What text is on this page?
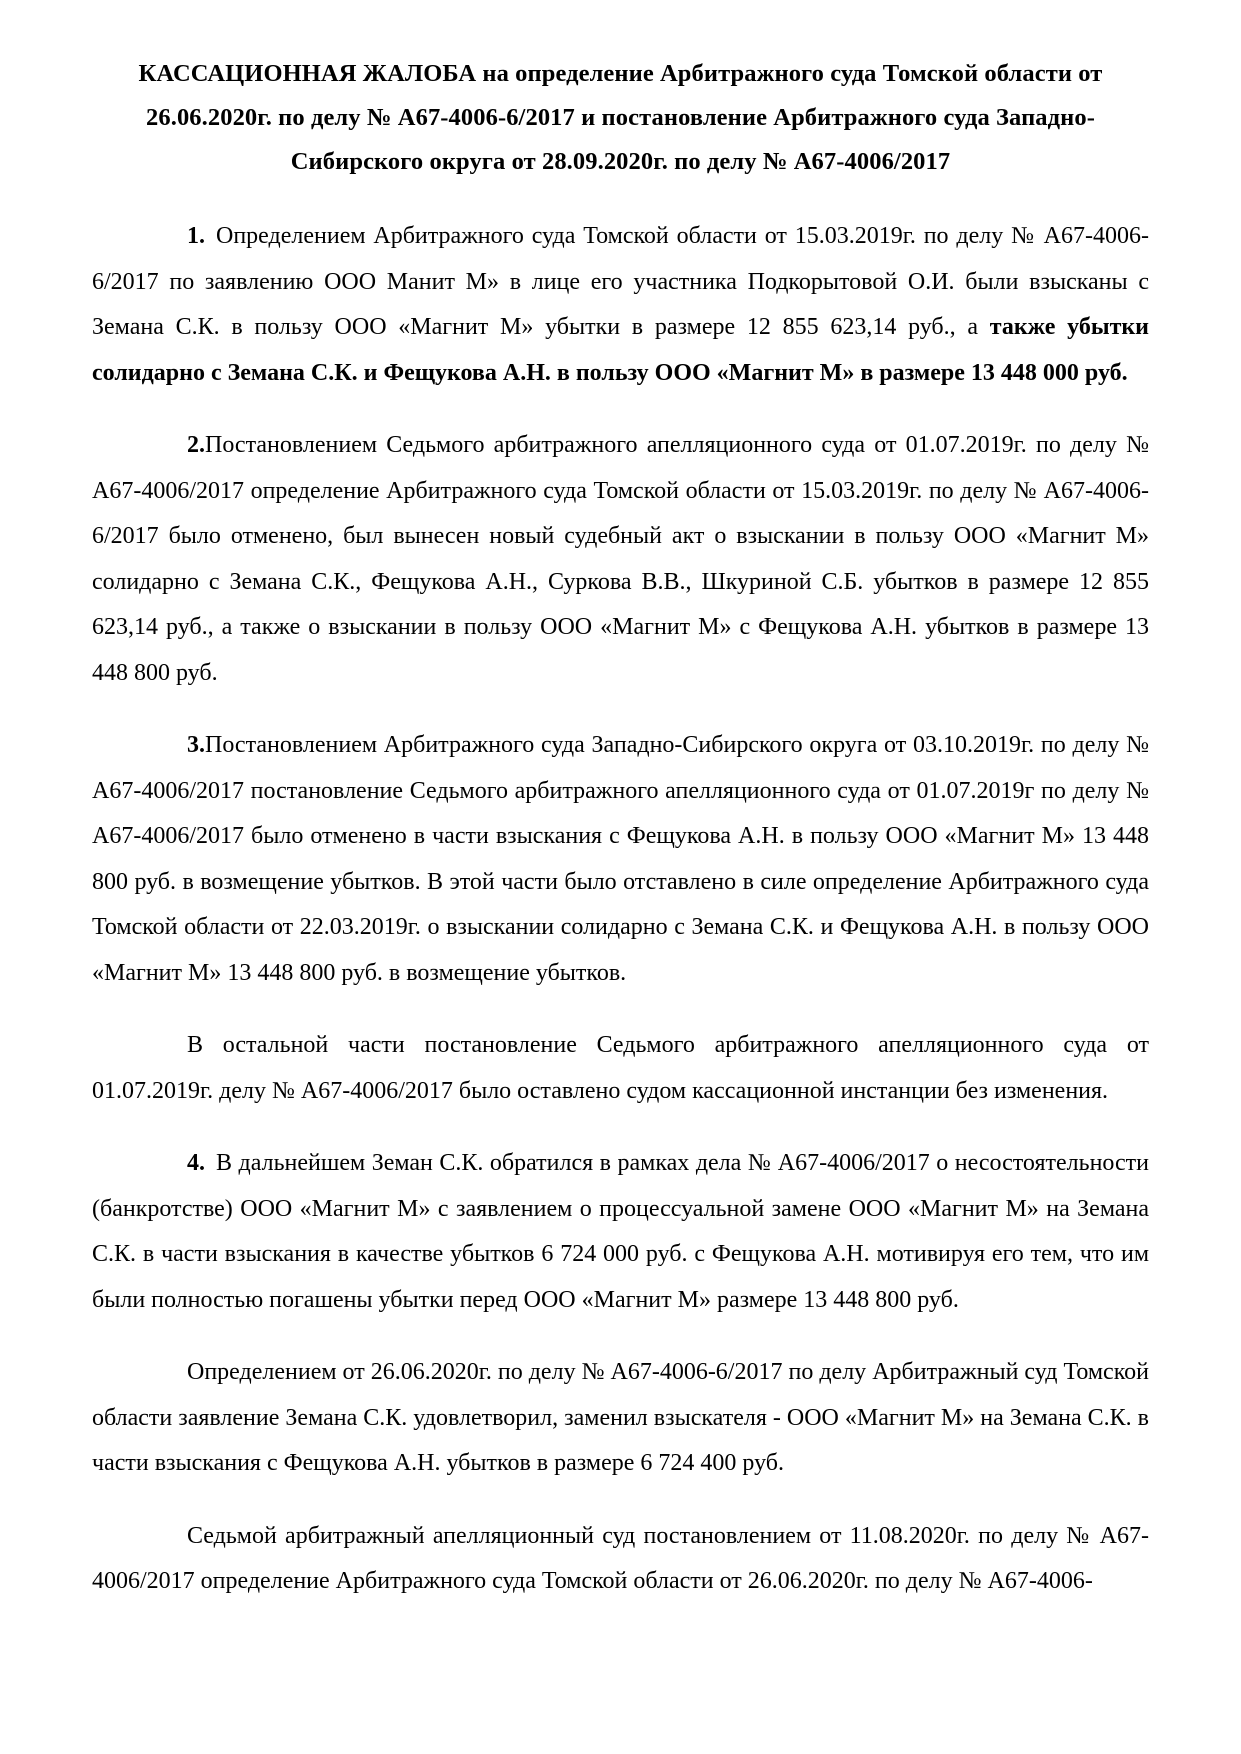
КАССАЦИОННАЯ ЖАЛОБА на определение Арбитражного суда Томской области от 26.06.2020г. по делу № А67-4006-6/2017 и постановление Арбитражного суда Западно- Сибирского округа от 28.09.2020г. по делу № А67-4006/2017

1. Определением Арбитражного суда Томской области от 15.03.2019г. по делу № А67-4006-6/2017 по заявлению ООО Манит М» в лице его участника Подкорытовой О.И. были взысканы с Земана С.К. в пользу ООО «Магнит М» убытки в размере 12 855 623,14 руб., а также убытки солидарно с Земана С.К. и Фещукова А.Н. в пользу ООО «Магнит М» в размере 13 448 000 руб.

2.Постановлением Седьмого арбитражного апелляционного суда от 01.07.2019г. по делу № А67-4006/2017 определение Арбитражного суда Томской области от 15.03.2019г. по делу № А67-4006-6/2017 было отменено, был вынесен новый судебный акт о взыскании в пользу ООО «Магнит М» солидарно с Земана С.К., Фещукова А.Н., Суркова В.В., Шкуриной С.Б. убытков в размере 12 855 623,14 руб., а также о взыскании в пользу ООО «Магнит М» с Фещукова А.Н. убытков в размере 13 448 800 руб.

3.Постановлением Арбитражного суда Западно-Сибирского округа от 03.10.2019г. по делу № А67-4006/2017 постановление Седьмого арбитражного апелляционного суда от 01.07.2019г по делу № А67-4006/2017 было отменено в части взыскания с Фещукова А.Н. в пользу ООО «Магнит М» 13 448 800 руб. в возмещение убытков. В этой части было отставлено в силе определение Арбитражного суда Томской области от 22.03.2019г. о взыскании солидарно с Земана С.К. и Фещукова А.Н. в пользу ООО «Магнит М» 13 448 800 руб. в возмещение убытков.

В остальной части постановление Седьмого арбитражного апелляционного суда от 01.07.2019г. делу № А67-4006/2017 было оставлено судом кассационной инстанции без изменения.

4. В дальнейшем Земан С.К. обратился в рамках дела № А67-4006/2017 о несостоятельности (банкротстве) ООО «Магнит М» с заявлением о процессуальной замене ООО «Магнит М» на Земана С.К. в части взыскания в качестве убытков 6 724 000 руб. с Фещукова А.Н. мотивируя его тем, что им были полностью погашены убытки перед ООО «Магнит М» размере 13 448 800 руб.

Определением от 26.06.2020г. по делу № А67-4006-6/2017 по делу Арбитражный суд Томской области заявление Земана С.К. удовлетворил, заменил взыскателя - ООО «Магнит М» на Земана С.К. в части взыскания с Фещукова А.Н. убытков в размере 6 724 400 руб.

Седьмой арбитражный апелляционный суд постановлением от 11.08.2020г. по делу № А67-4006/2017 определение Арбитражного суда Томской области от 26.06.2020г. по делу № А67-4006-
